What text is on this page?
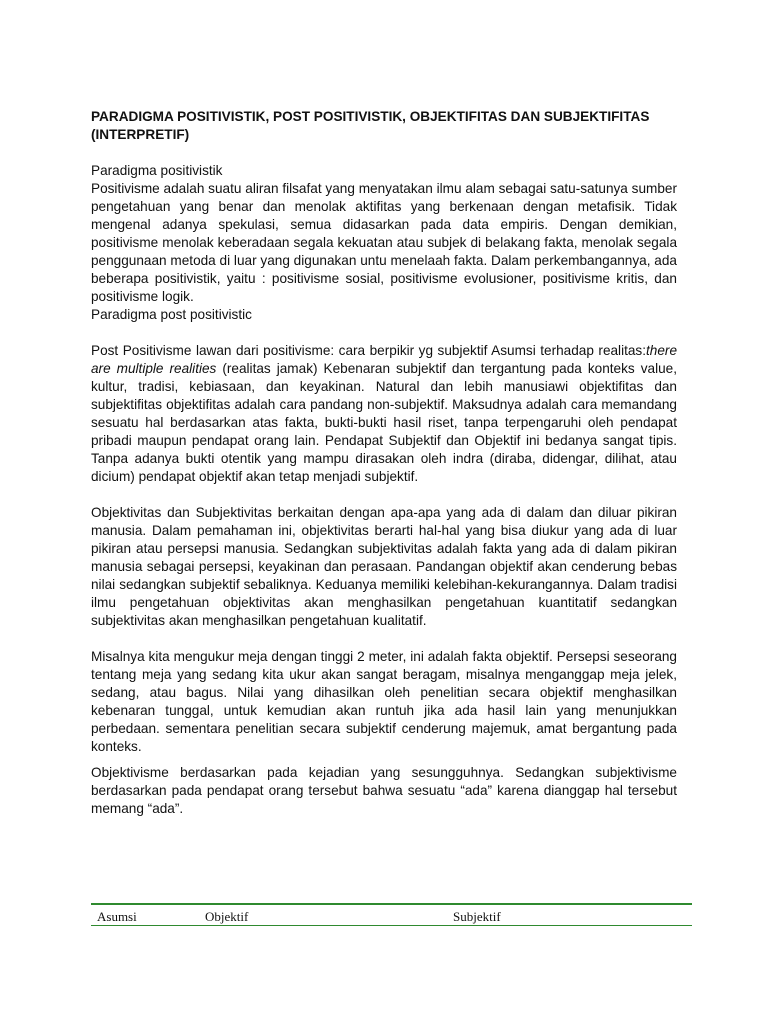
PARADIGMA POSITIVISTIK, POST POSITIVISTIK, OBJEKTIFITAS DAN SUBJEKTIFITAS (INTERPRETIF)
Paradigma positivistik
Positivisme adalah suatu aliran filsafat yang menyatakan ilmu alam sebagai satu-satunya sumber pengetahuan yang benar dan menolak aktifitas yang berkenaan dengan metafisik. Tidak mengenal adanya spekulasi, semua didasarkan pada data empiris. Dengan demikian, positivisme menolak keberadaan segala kekuatan atau subjek di belakang fakta, menolak segala penggunaan metoda di luar yang digunakan untu menelaah fakta. Dalam perkembangannya, ada beberapa positivistik, yaitu : positivisme sosial, positivisme evolusioner, positivisme kritis, dan positivisme logik.
Paradigma post positivistic
Post Positivisme lawan dari positivisme: cara berpikir yg subjektif Asumsi terhadap realitas:there are multiple realities (realitas jamak) Kebenaran subjektif dan tergantung pada konteks value, kultur, tradisi, kebiasaan, dan keyakinan. Natural dan lebih manusiawi objektifitas dan subjektifitas objektifitas adalah cara pandang non-subjektif. Maksudnya adalah cara memandang sesuatu hal berdasarkan atas fakta, bukti-bukti hasil riset, tanpa terpengaruhi oleh pendapat pribadi maupun pendapat orang lain. Pendapat Subjektif dan Objektif ini bedanya sangat tipis. Tanpa adanya bukti otentik yang mampu dirasakan oleh indra (diraba, didengar, dilihat, atau dicium) pendapat objektif akan tetap menjadi subjektif.
Objektivitas dan Subjektivitas berkaitan dengan apa-apa yang ada di dalam dan diluar pikiran manusia. Dalam pemahaman ini, objektivitas berarti hal-hal yang bisa diukur yang ada di luar pikiran atau persepsi manusia. Sedangkan subjektivitas adalah fakta yang ada di dalam pikiran manusia sebagai persepsi, keyakinan dan perasaan. Pandangan objektif akan cenderung bebas nilai sedangkan subjektif sebaliknya. Keduanya memiliki kelebihan-kekurangannya. Dalam tradisi ilmu pengetahuan objektivitas akan menghasilkan pengetahuan kuantitatif sedangkan subjektivitas akan menghasilkan pengetahuan kualitatif.
Misalnya kita mengukur meja dengan tinggi 2 meter, ini adalah fakta objektif. Persepsi seseorang tentang meja yang sedang kita ukur akan sangat beragam, misalnya menganggap meja jelek, sedang, atau bagus. Nilai yang dihasilkan oleh penelitian secara objektif menghasilkan kebenaran tunggal, untuk kemudian akan runtuh jika ada hasil lain yang menunjukkan perbedaan. sementara penelitian secara subjektif cenderung majemuk, amat bergantung pada konteks.
Objektivisme berdasarkan pada kejadian yang sesungguhnya. Sedangkan subjektivisme berdasarkan pada pendapat orang tersebut bahwa sesuatu “ada” karena dianggap hal tersebut memang “ada”.
Asumsi	Objektif	Subjektif
